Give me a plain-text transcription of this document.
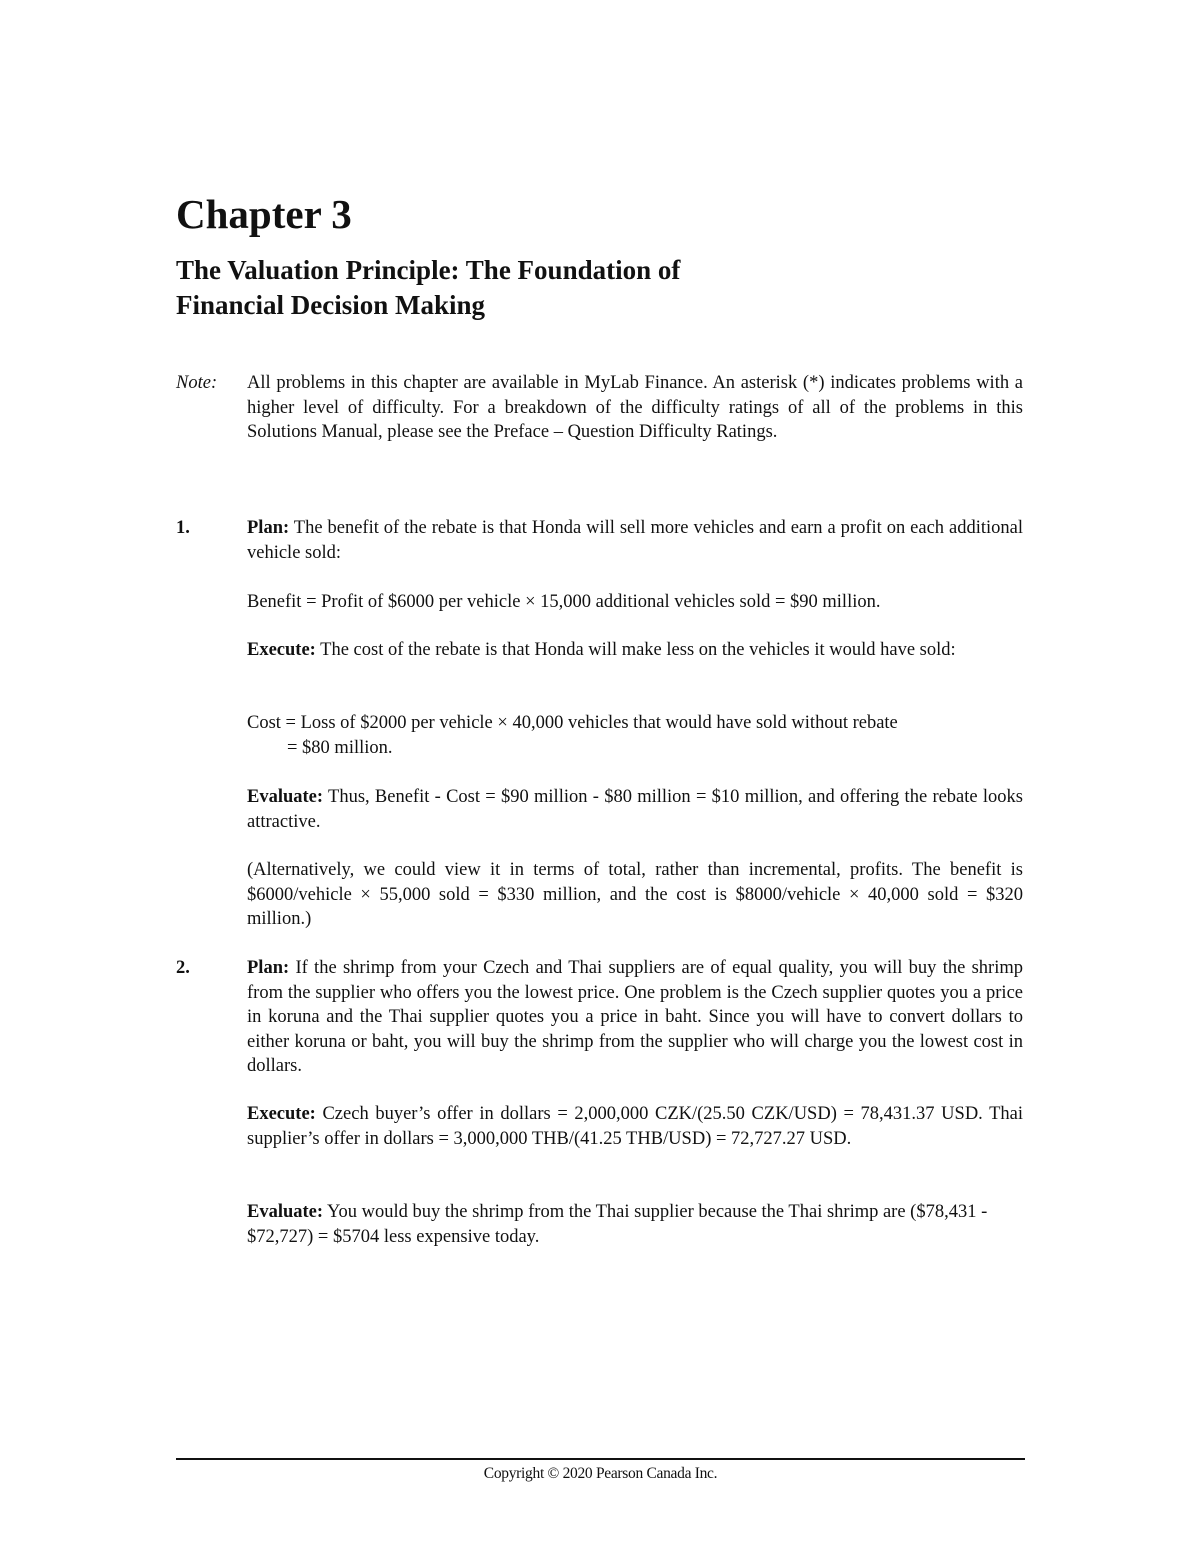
Chapter 3
The Valuation Principle: The Foundation of
Financial Decision Making
Note: All problems in this chapter are available in MyLab Finance. An asterisk (*) indicates problems with a higher level of difficulty. For a breakdown of the difficulty ratings of all of the problems in this Solutions Manual, please see the Preface – Question Difficulty Ratings.

1.	Plan: The benefit of the rebate is that Honda will sell more vehicles and earn a profit on each additional vehicle sold:

Benefit = Profit of $6000 per vehicle × 15,000 additional vehicles sold = $90 million.

Execute: The cost of the rebate is that Honda will make less on the vehicles it would have sold:

Cost = Loss of $2000 per vehicle × 40,000 vehicles that would have sold without rebate
= $80 million.

Evaluate: Thus, Benefit - Cost = $90 million - $80 million = $10 million, and offering the rebate looks attractive.

(Alternatively, we could view it in terms of total, rather than incremental, profits. The benefit is $6000/vehicle × 55,000 sold = $330 million, and the cost is $8000/vehicle × 40,000 sold = $320 million.)

2.	Plan: If the shrimp from your Czech and Thai suppliers are of equal quality, you will buy the shrimp from the supplier who offers you the lowest price. One problem is the Czech supplier quotes you a price in koruna and the Thai supplier quotes you a price in baht. Since you will have to convert dollars to either koruna or baht, you will buy the shrimp from the supplier who will charge you the lowest cost in dollars.

Execute: Czech buyer’s offer in dollars = 2,000,000 CZK/(25.50 CZK/USD) = 78,431.37 USD. Thai supplier’s offer in dollars = 3,000,000 THB/(41.25 THB/USD) = 72,727.27 USD.

Evaluate: You would buy the shrimp from the Thai supplier because the Thai shrimp are ($78,431 - $72,727) = $5704 less expensive today.

Copyright © 2020 Pearson Canada Inc.
